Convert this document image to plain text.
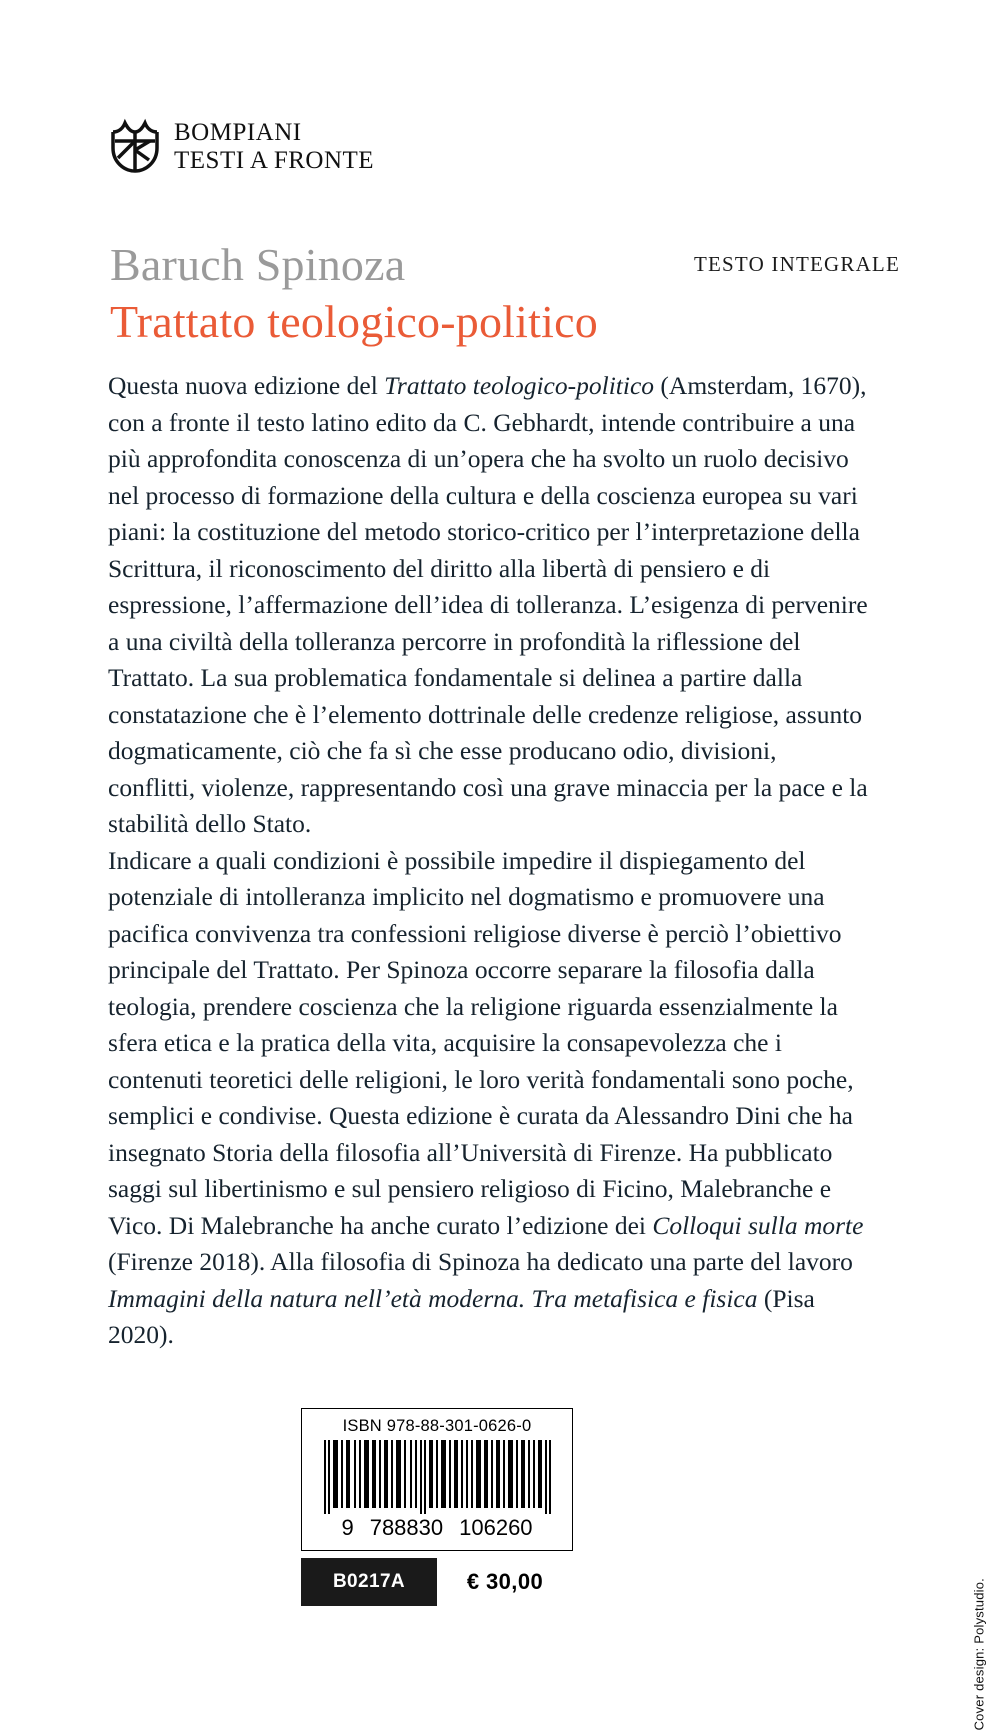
BOMPIANI
TESTI A FRONTE
Baruch Spinoza
Trattato teologico-politico
TESTO INTEGRALE

Questa nuova edizione del Trattato teologico-politico (Amsterdam, 1670), con a fronte il testo latino edito da C. Gebhardt, intende contribuire a una più approfondita conoscenza di un’opera che ha svolto un ruolo decisivo nel processo di formazione della cultura e della coscienza europea su vari piani: la costituzione del metodo storico-critico per l’interpretazione della Scrittura, il riconoscimento del diritto alla libertà di pensiero e di espressione, l’affermazione dell’idea di tolleranza. L’esigenza di pervenire a una civiltà della tolleranza percorre in profondità la riflessione del Trattato. La sua problematica fondamentale si delinea a partire dalla constatazione che è l’elemento dottrinale delle credenze religiose, assunto dogmaticamente, ciò che fa sì che esse producano odio, divisioni, conflitti, violenze, rappresentando così una grave minaccia per la pace e la stabilità dello Stato.

Indicare a quali condizioni è possibile impedire il dispiegamento del potenziale di intolleranza implicito nel dogmatismo e promuovere una pacifica convivenza tra confessioni religiose diverse è perciò l’obiettivo principale del Trattato. Per Spinoza occorre separare la filosofia dalla teologia, prendere coscienza che la religione riguarda essenzialmente la sfera etica e la pratica della vita, acquisire la consapevolezza che i contenuti teoretici delle religioni, le loro verità fondamentali sono poche, semplici e condivise. Questa edizione è curata da Alessandro Dini che ha insegnato Storia della filosofia all’Università di Firenze. Ha pubblicato saggi sul libertinismo e sul pensiero religioso di Ficino, Malebranche e Vico. Di Malebranche ha anche curato l’edizione dei Colloqui sulla morte (Firenze 2018). Alla filosofia di Spinoza ha dedicato una parte del lavoro Immagini della natura nell’età moderna. Tra metafisica e fisica (Pisa 2020).

ISBN 978-88-301-0626-0
9 788830 106260
B0217A	€ 30,00	Cover design: Polystudio.
